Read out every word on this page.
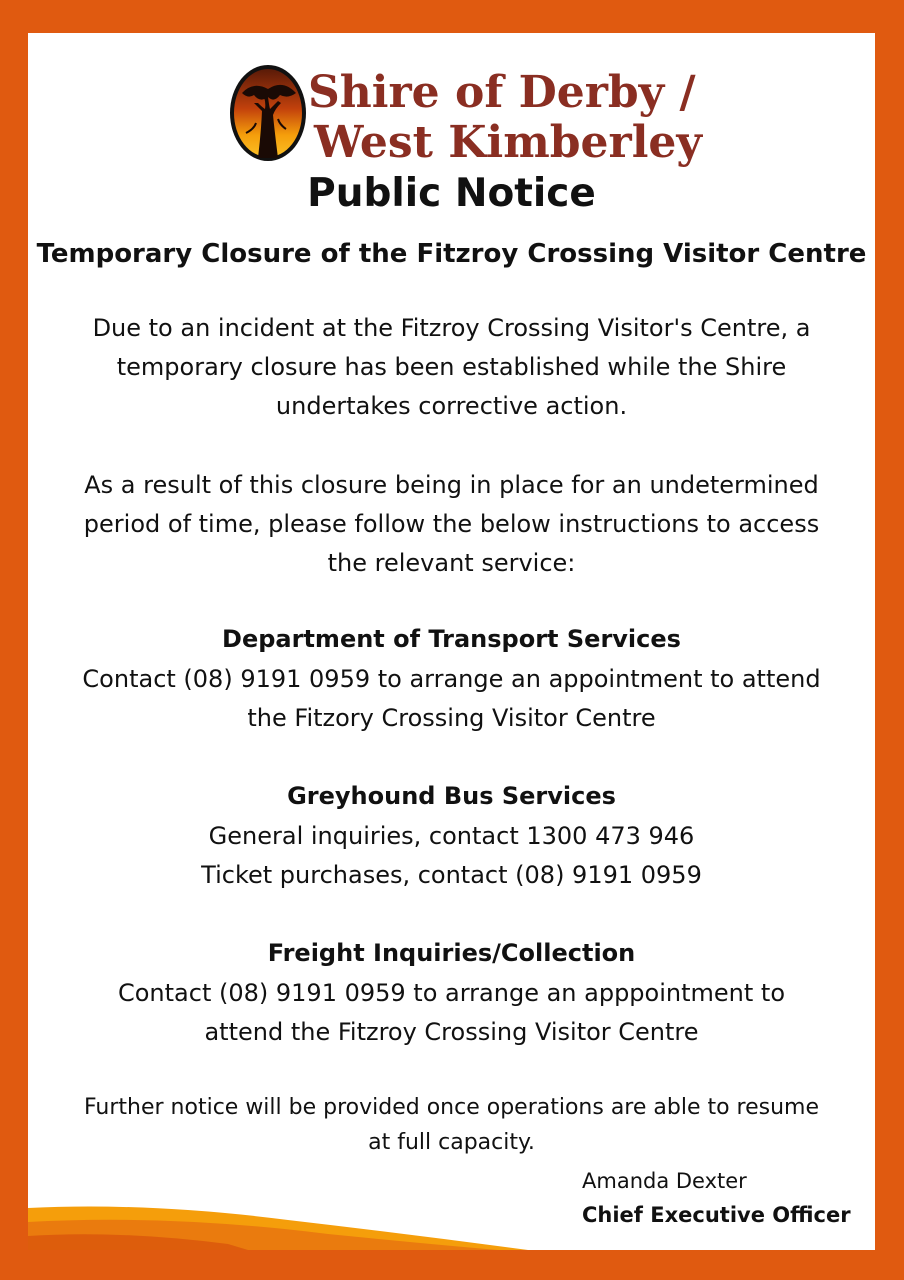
Shire of Derby /
West Kimberley
Public Notice
Temporary Closure of the Fitzroy Crossing Visitor Centre
Due to an incident at the Fitzroy Crossing Visitor's Centre, a
temporary closure has been established while the Shire
undertakes corrective action.
As a result of this closure being in place for an undetermined
period of time, please follow the below instructions to access
the relevant service:
Department of Transport Services
Contact (08) 9191 0959 to arrange an appointment to attend
the Fitzory Crossing Visitor Centre
Greyhound Bus Services
General inquiries, contact 1300 473 946
Ticket purchases, contact (08) 9191 0959
Freight Inquiries/Collection
Contact (08) 9191 0959 to arrange an apppointment to
attend the Fitzroy Crossing Visitor Centre
Further notice will be provided once operations are able to resume
at full capacity.
Amanda Dexter
Chief Executive Officer
